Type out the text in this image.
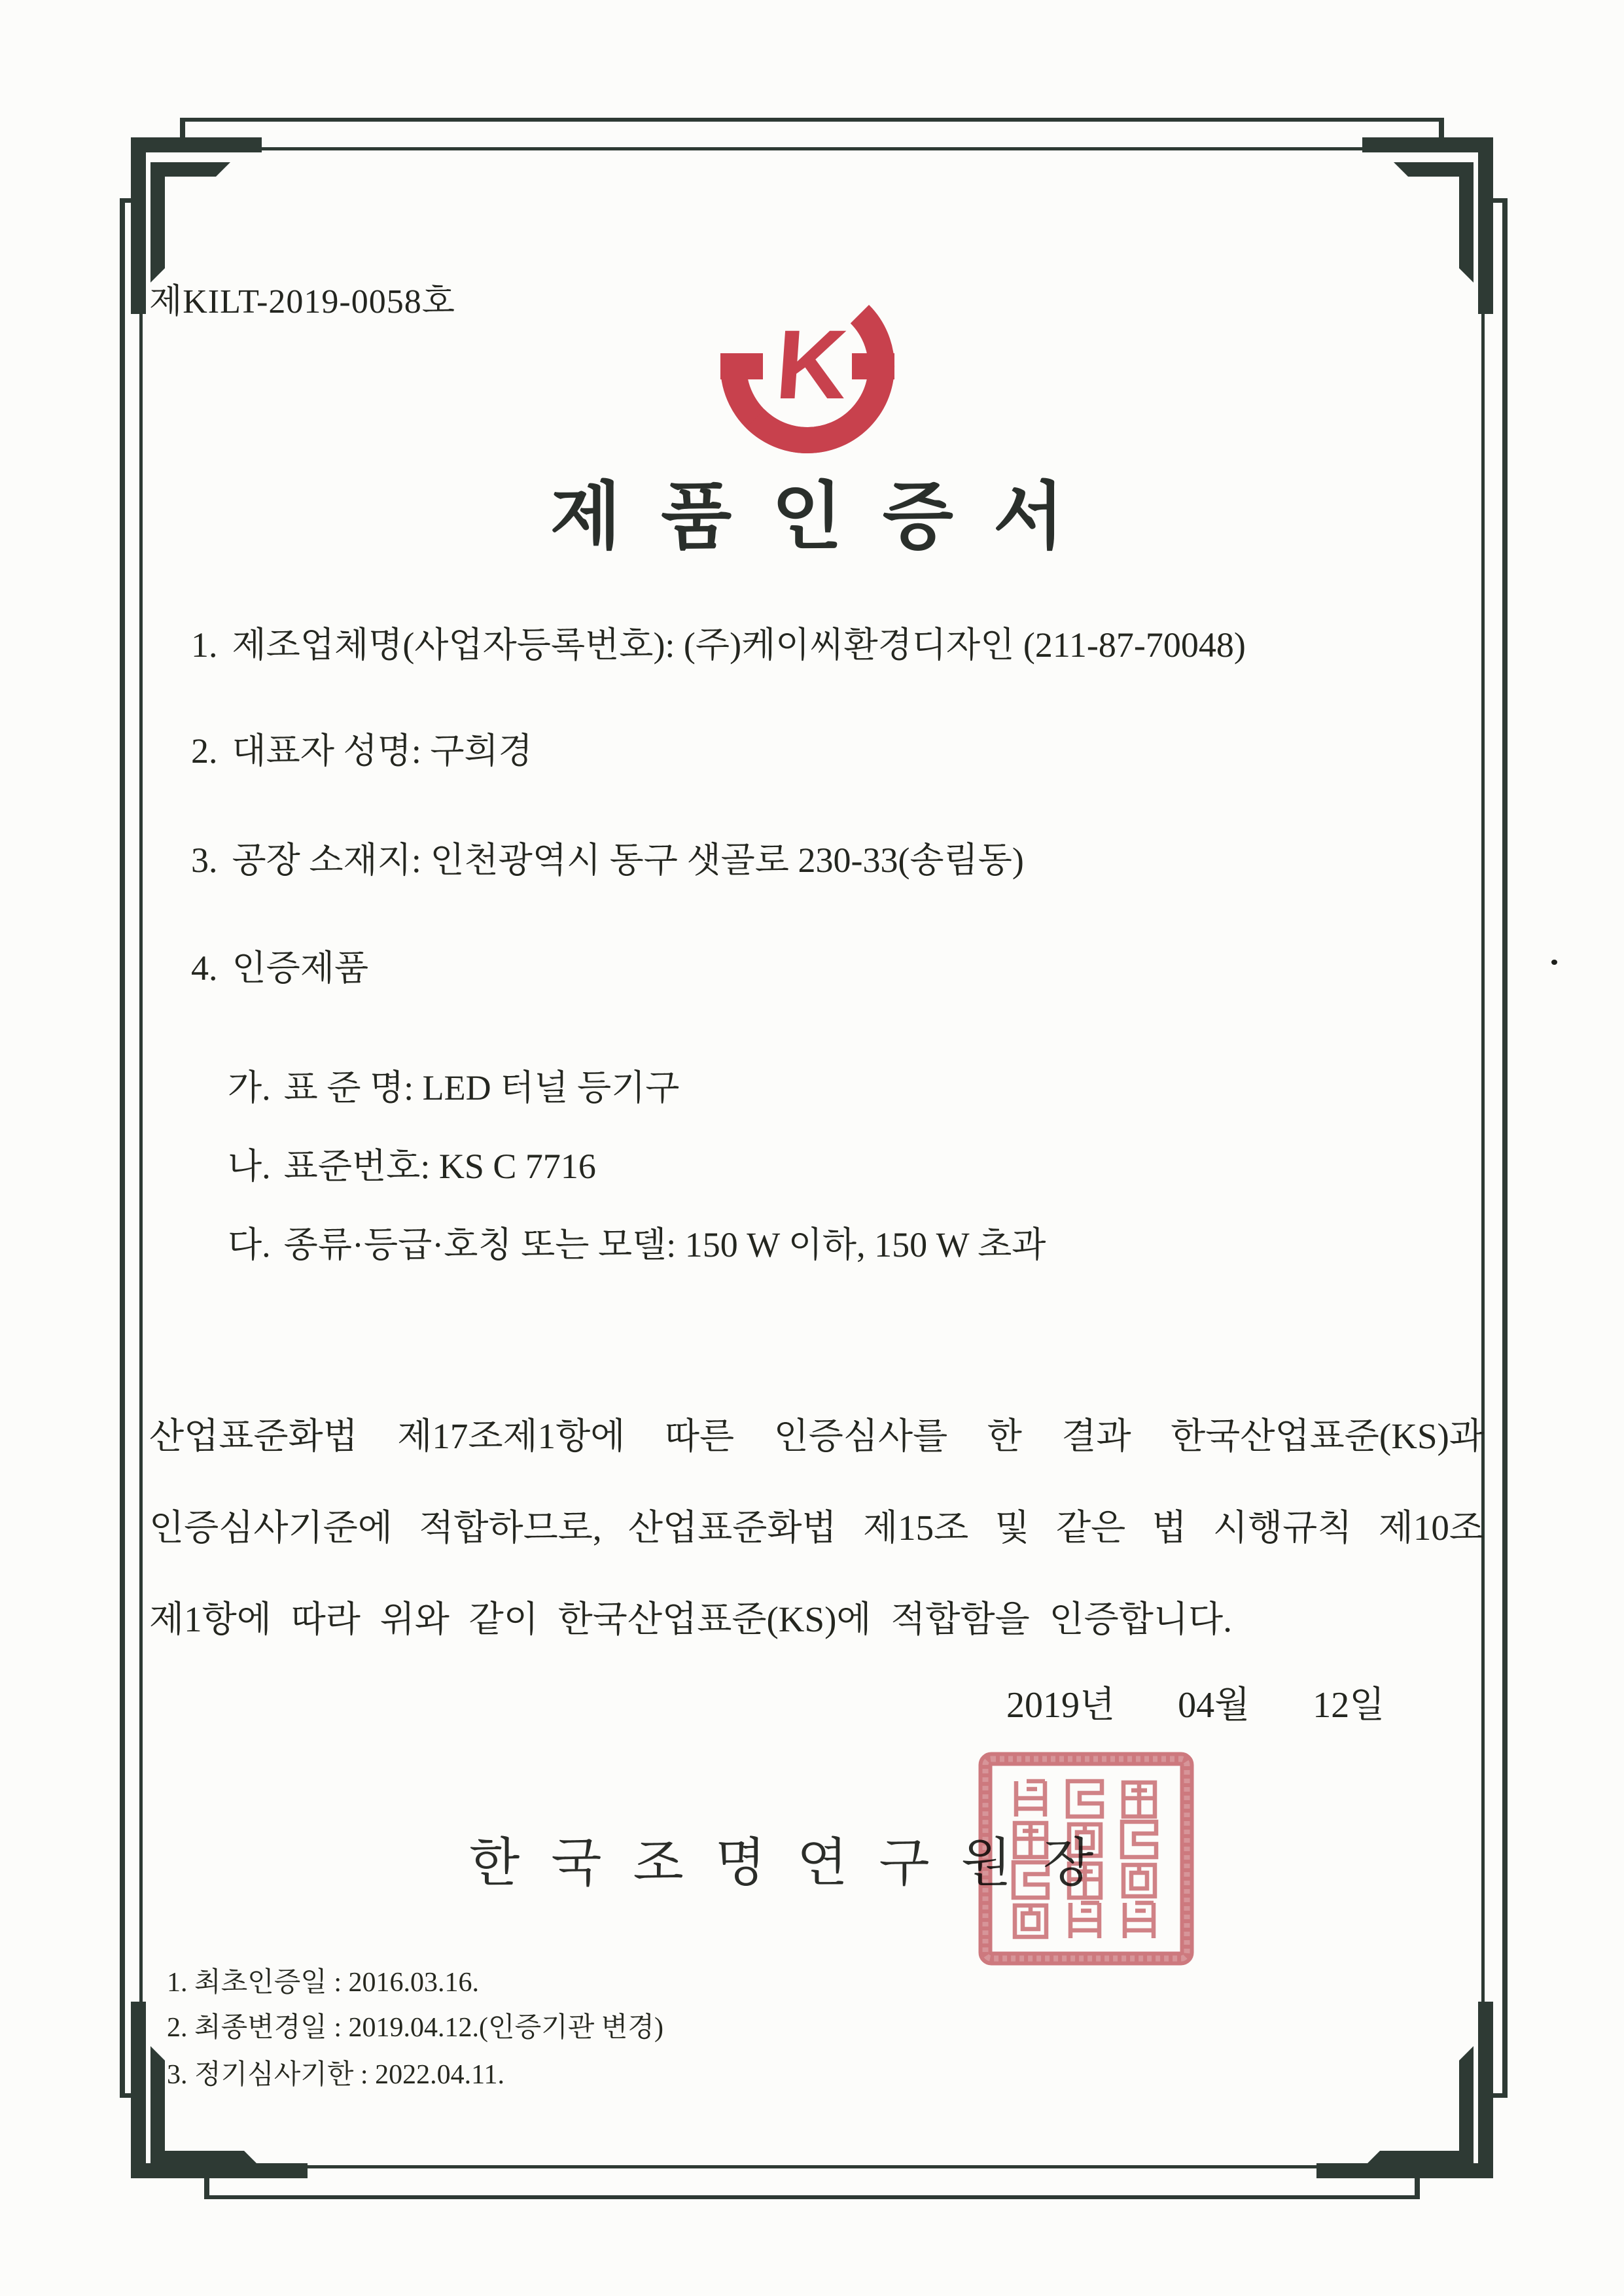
제KILT-2019-0058호
K
제 품 인 증 서
1. 제조업체명(사업자등록번호): (주)케이씨환경디자인 (211-87-70048)
2. 대표자 성명: 구희경
3. 공장 소재지: 인천광역시 동구 샛골로 230-33(송림동)
4. 인증제품
가. 표 준 명: LED 터널 등기구
나. 표준번호: KS C 7716
다. 종류·등급·호칭 또는 모델: 150 W 이하, 150 W 초과
산업표준화법 제17조제1항에 따른 인증심사를 한 결과 한국산업표준(KS)과
인증심사기준에 적합하므로, 산업표준화법 제15조 및 같은 법 시행규칙 제10조
제1항에 따라 위와 같이 한국산업표준(KS)에 적합함을 인증합니다.
2019년 04월 12일
한 국 조 명 연 구 원 장
1. 최초인증일 : 2016.03.16.
2. 최종변경일 : 2019.04.12.(인증기관 변경)
3. 정기심사기한 : 2022.04.11.
